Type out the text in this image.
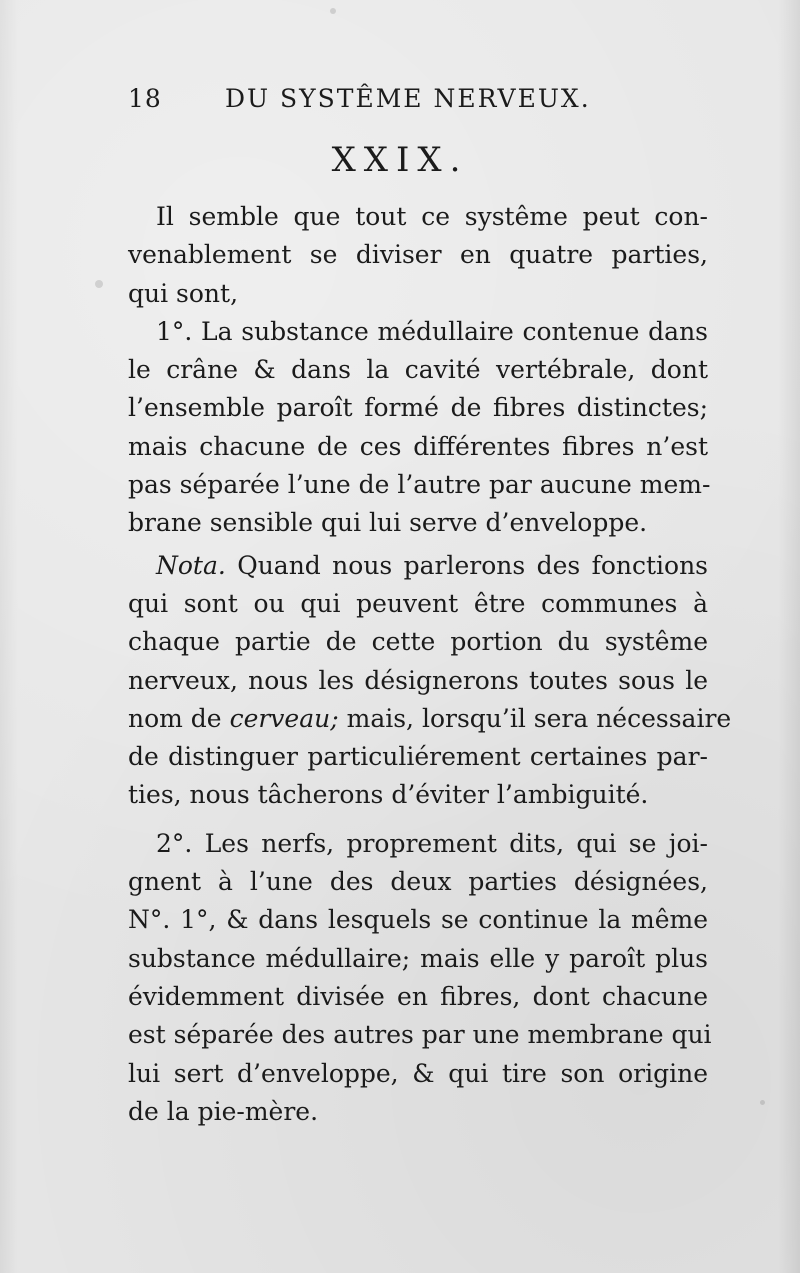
18	DU SYSTÊME NERVEUX.
XXIX.
Il semble que tout ce systême peut con-
venablement se diviser en quatre parties,
qui sont,
1°. La substance médullaire contenue dans
le crâne & dans la cavité vertébrale, dont
l’ensemble paroît formé de fibres distinctes;
mais chacune de ces différentes fibres n’est
pas séparée l’une de l’autre par aucune mem-
brane sensible qui lui serve d’enveloppe.
Nota. Quand nous parlerons des fonctions
qui sont ou qui peuvent être communes à
chaque partie de cette portion du systême
nerveux, nous les désignerons toutes sous le
nom de cerveau; mais, lorsqu’il sera nécessaire
de distinguer particuliérement certaines par-
ties, nous tâcherons d’éviter l’ambiguité.
2°. Les nerfs, proprement dits, qui se joi-
gnent à l’une des deux parties désignées,
N°. 1°, & dans lesquels se continue la même
substance médullaire; mais elle y paroît plus
évidemment divisée en fibres, dont chacune
est séparée des autres par une membrane qui
lui sert d’enveloppe, & qui tire son origine
de la pie-mère.
